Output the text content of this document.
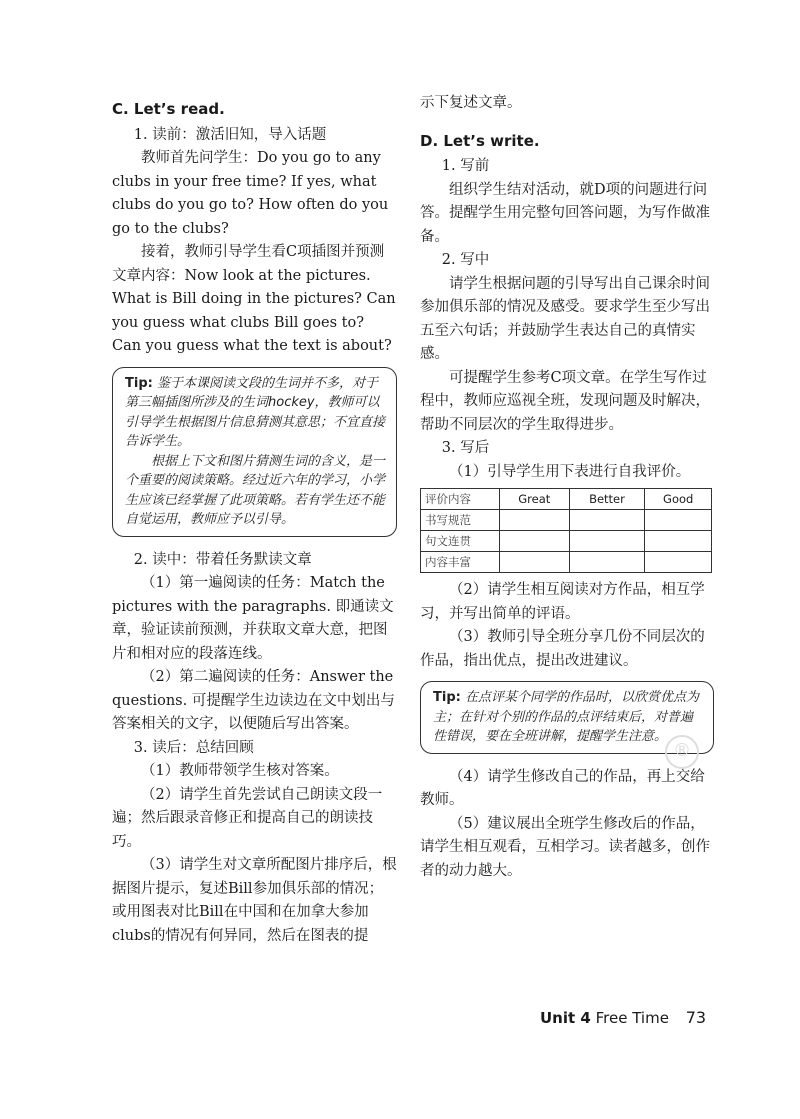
C. Let’s read.

1. 读前：激活旧知，导入话题

教师首先问学生：Do you go to any clubs in your free time? If yes, what clubs do you go to? How often do you go to the clubs?

接着，教师引导学生看C项插图并预测文章内容：Now look at the pictures. What is Bill doing in the pictures? Can you guess what clubs Bill goes to? Can you guess what the text is about?

Tip: 鉴于本课阅读文段的生词并不多，对于第三幅插图所涉及的生词hockey，教师可以引导学生根据图片信息猜测其意思；不宜直接告诉学生。

根据上下文和图片猜测生词的含义，是一个重要的阅读策略。经过近六年的学习，小学生应该已经掌握了此项策略。若有学生还不能自觉运用，教师应予以引导。

2. 读中：带着任务默读文章

（1）第一遍阅读的任务：Match the pictures with the paragraphs. 即通读文章，验证读前预测，并获取文章大意，把图片和相对应的段落连线。

（2）第二遍阅读的任务：Answer the questions. 可提醒学生边读边在文中划出与答案相关的文字，以便随后写出答案。

3. 读后：总结回顾

（1）教师带领学生核对答案。

（2）请学生首先尝试自己朗读文段一遍；然后跟录音修正和提高自己的朗读技巧。

（3）请学生对文章所配图片排序后，根据图片提示，复述Bill参加俱乐部的情况；或用图表对比Bill在中国和在加拿大参加clubs的情况有何异同，然后在图表的提

示下复述文章。

D. Let’s write.

1. 写前

组织学生结对活动，就D项的问题进行问答。提醒学生用完整句回答问题，为写作做准备。

2. 写中

请学生根据问题的引导写出自己课余时间参加俱乐部的情况及感受。要求学生至少写出五至六句话；并鼓励学生表达自己的真情实感。

可提醒学生参考C项文章。在学生写作过程中，教师应巡视全班，发现问题及时解决，帮助不同层次的学生取得进步。

3. 写后

（1）引导学生用下表进行自我评价。

评价内容	Great	Better	Good
书写规范			
句文连贯			
内容丰富			

（2）请学生相互阅读对方作品，相互学习，并写出简单的评语。

（3）教师引导全班分享几份不同层次的作品，指出优点，提出改进建议。

Tip: 在点评某个同学的作品时，以欣赏优点为主；在针对个别的作品的点评结束后，对普遍性错误，要在全班讲解，提醒学生注意。

（4）请学生修改自己的作品，再上交给教师。

（5）建议展出全班学生修改后的作品，请学生相互观看，互相学习。读者越多，创作者的动力越大。

®
Unit 4 Free Time 73
